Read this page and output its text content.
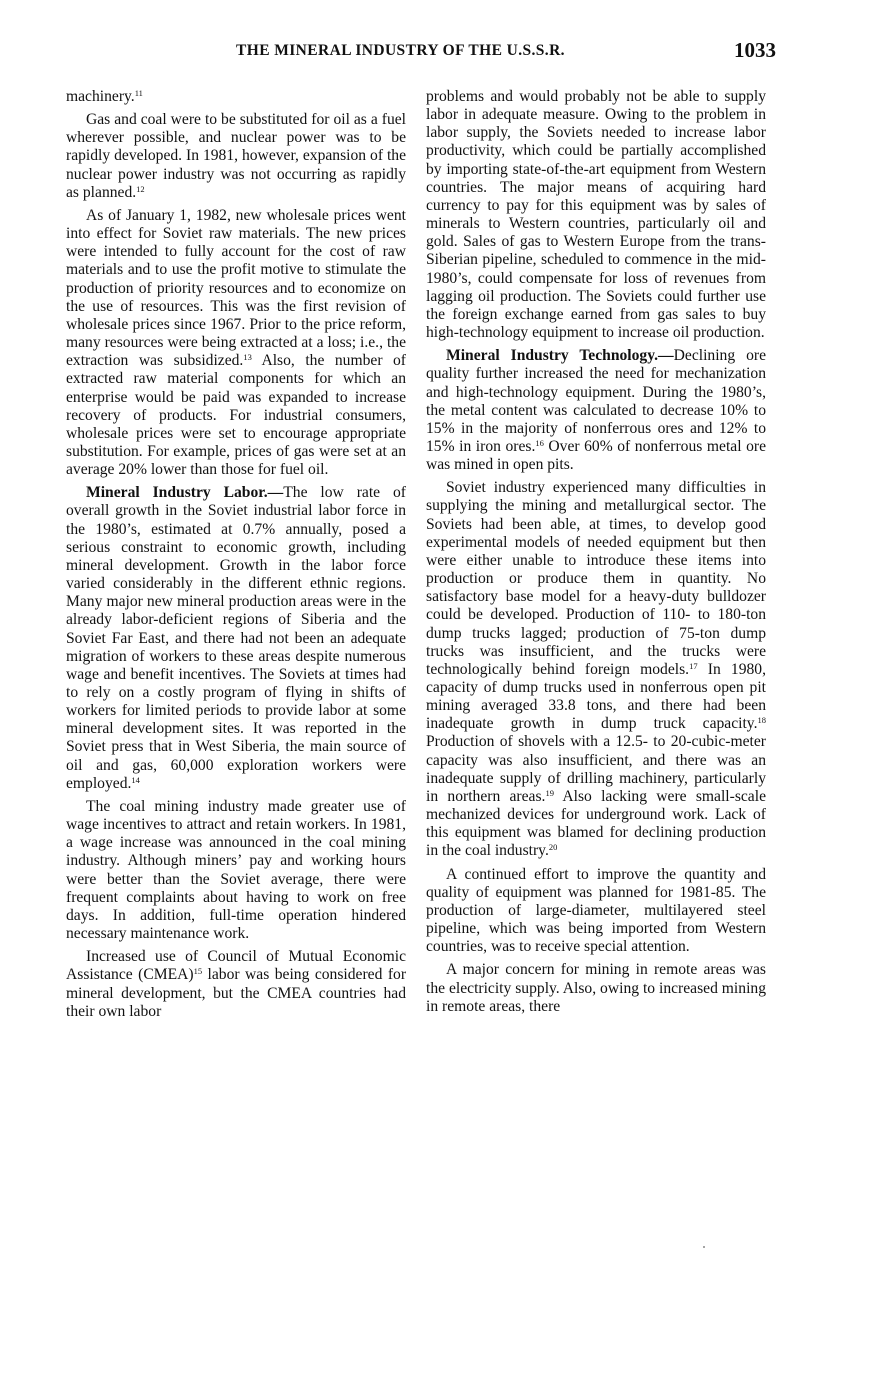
THE MINERAL INDUSTRY OF THE U.S.S.R.	1033

machinery.$^{11}$

Gas and coal were to be substituted for oil as a fuel wherever possible, and nuclear power was to be rapidly developed. In 1981, however, expansion of the nuclear power industry was not occurring as rapidly as planned.$^{12}$

As of January 1, 1982, new wholesale prices went into effect for Soviet raw materials. The new prices were intended to fully account for the cost of raw materials and to use the profit motive to stimulate the production of priority resources and to economize on the use of resources. This was the first revision of wholesale prices since 1967. Prior to the price reform, many resources were being extracted at a loss; i.e., the extraction was subsidized.$^{13}$ Also, the number of extracted raw material components for which an enterprise would be paid was expanded to increase recovery of products. For industrial consumers, wholesale prices were set to encourage appropriate substitution. For example, prices of gas were set at an average 20% lower than those for fuel oil.

Mineral Industry Labor.—The low rate of overall growth in the Soviet industrial labor force in the 1980’s, estimated at 0.7% annually, posed a serious constraint to economic growth, including mineral development. Growth in the labor force varied considerably in the different ethnic regions. Many major new mineral production areas were in the already labor-deficient regions of Siberia and the Soviet Far East, and there had not been an adequate migration of workers to these areas despite numerous wage and benefit incentives. The Soviets at times had to rely on a costly program of flying in shifts of workers for limited periods to provide labor at some mineral development sites. It was reported in the Soviet press that in West Siberia, the main source of oil and gas, 60,000 exploration workers were employed.$^{14}$

The coal mining industry made greater use of wage incentives to attract and retain workers. In 1981, a wage increase was announced in the coal mining industry. Although miners’ pay and working hours were better than the Soviet average, there were frequent complaints about having to work on free days. In addition, full-time operation hindered necessary maintenance work.

Increased use of Council of Mutual Economic Assistance (CMEA)$^{15}$ labor was being considered for mineral development, but the CMEA countries had their own labor

problems and would probably not be able to supply labor in adequate measure. Owing to the problem in labor supply, the Soviets needed to increase labor productivity, which could be partially accomplished by importing state-of-the-art equipment from Western countries. The major means of acquiring hard currency to pay for this equipment was by sales of minerals to Western countries, particularly oil and gold. Sales of gas to Western Europe from the trans-Siberian pipeline, scheduled to commence in the mid-1980’s, could compensate for loss of revenues from lagging oil production. The Soviets could further use the foreign exchange earned from gas sales to buy high-technology equipment to increase oil production.

Mineral Industry Technology.—Declining ore quality further increased the need for mechanization and high-technology equipment. During the 1980’s, the metal content was calculated to decrease 10% to 15% in the majority of nonferrous ores and 12% to 15% in iron ores.$^{16}$ Over 60% of nonferrous metal ore was mined in open pits.

Soviet industry experienced many difficulties in supplying the mining and metallurgical sector. The Soviets had been able, at times, to develop good experimental models of needed equipment but then were either unable to introduce these items into production or produce them in quantity. No satisfactory base model for a heavy-duty bulldozer could be developed. Production of 110- to 180-ton dump trucks lagged; production of 75-ton dump trucks was insufficient, and the trucks were technologically behind foreign models.$^{17}$ In 1980, capacity of dump trucks used in nonferrous open pit mining averaged 33.8 tons, and there had been inadequate growth in dump truck capacity.$^{18}$ Production of shovels with a 12.5- to 20-cubic-meter capacity was also insufficient, and there was an inadequate supply of drilling machinery, particularly in northern areas.$^{19}$ Also lacking were small-scale mechanized devices for underground work. Lack of this equipment was blamed for declining production in the coal industry.$^{20}$

A continued effort to improve the quantity and quality of equipment was planned for 1981-85. The production of large-diameter, multilayered steel pipeline, which was being imported from Western countries, was to receive special attention.

A major concern for mining in remote areas was the electricity supply. Also, owing to increased mining in remote areas, there
